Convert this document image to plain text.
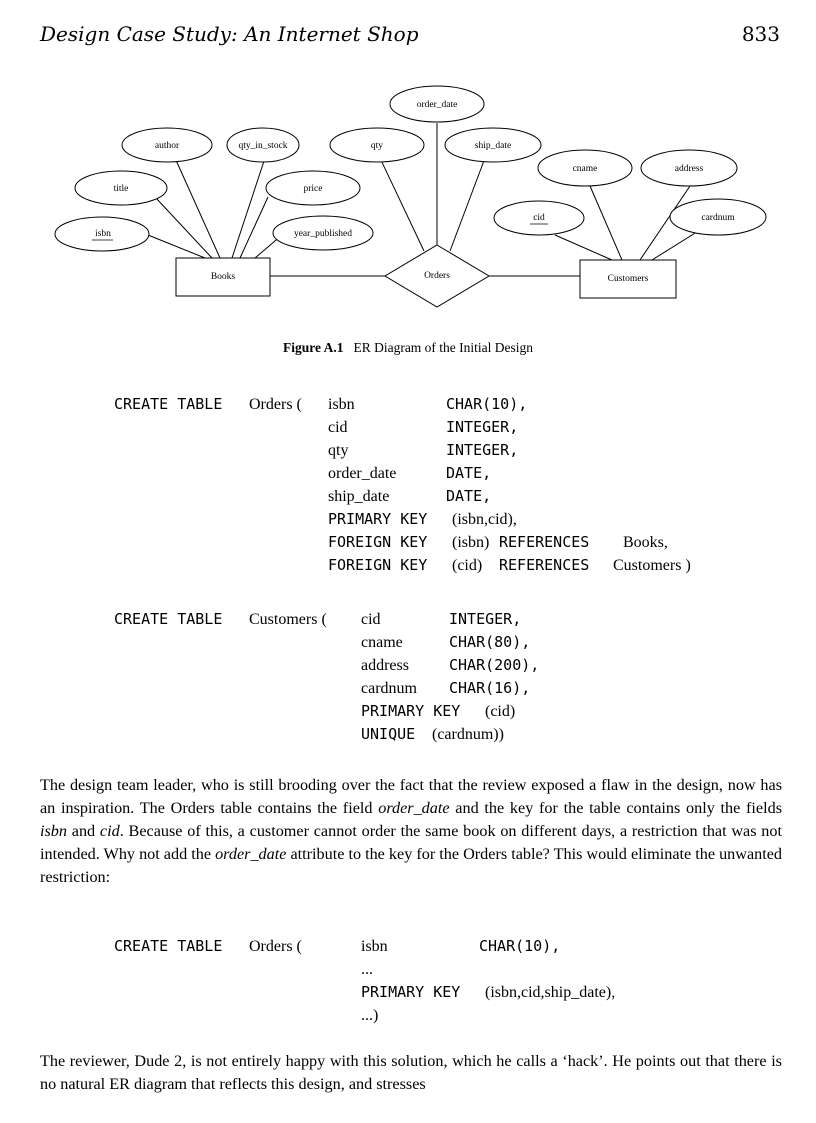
Design Case Study: An Internet Shop	833
author	qty_in_stock
title	price
isbn	year_published
order_date
qty	ship_date
cname	address
cid	cardnum
Books	Customers
Orders
Figure A.1 ER Diagram of the Initial Design
CREATE TABLE Orders ( isbn	CHAR(10),
cid	INTEGER,
qty	INTEGER,
order_date	DATE,
ship_date	DATE,
PRIMARY KEY (isbn,cid),
FOREIGN KEY (isbn) REFERENCES Books,
FOREIGN KEY (cid) REFERENCES Customers )
CREATE TABLE Customers ( cid	INTEGER,
cname	CHAR(80),
address	CHAR(200),
cardnum CHAR(16),
PRIMARY KEY (cid)
UNIQUE (cardnum))
The design team leader, who is still brooding over the fact that the review exposed a flaw in the design, now has an inspiration. The Orders table contains the field order_date and the key for the table contains only the fields isbn and cid. Because of this, a customer cannot order the same book on different days, a restriction that was not intended. Why not add the order_date attribute to the key for the Orders table? This would eliminate the unwanted restriction:
CREATE TABLE Orders (	isbn	CHAR(10),
...
PRIMARY KEY (isbn,cid,ship_date),
...)
The reviewer, Dude 2, is not entirely happy with this solution, which he calls a ‘hack’. He points out that there is no natural ER diagram that reflects this design, and stresses
